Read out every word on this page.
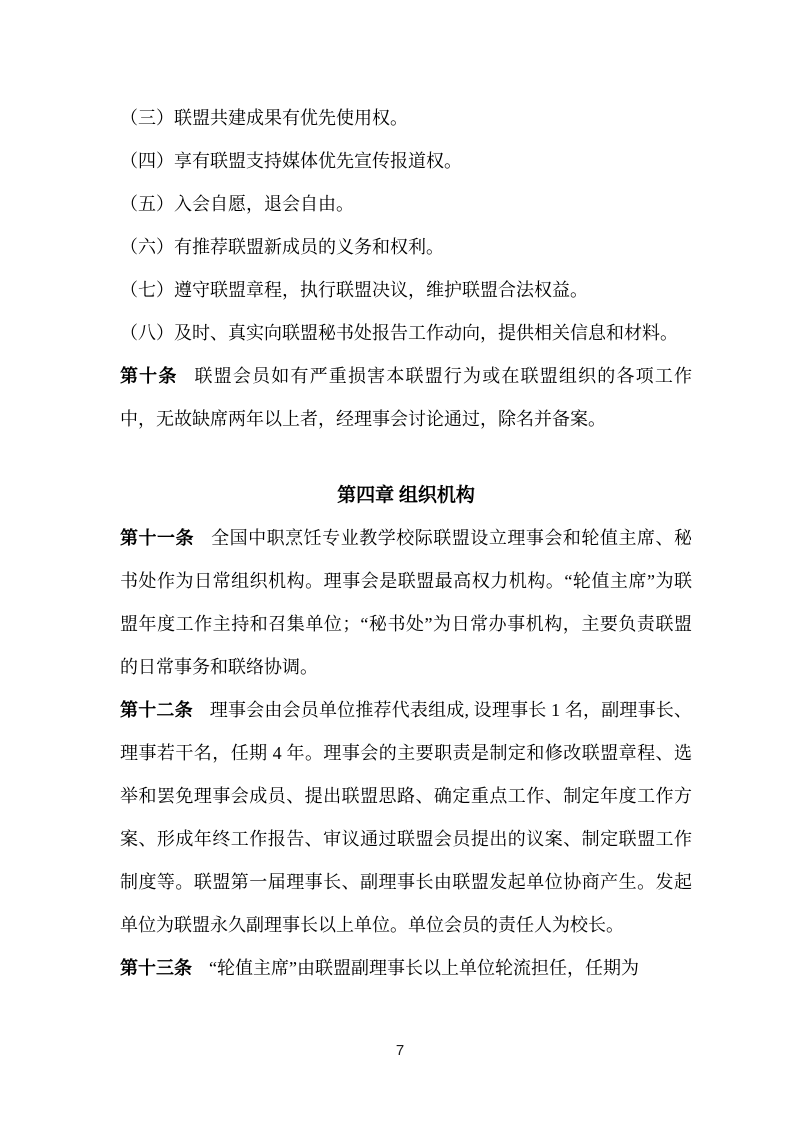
（三）联盟共建成果有优先使用权。

（四）享有联盟支持媒体优先宣传报道权。

（五）入会自愿，退会自由。

（六）有推荐联盟新成员的义务和权利。

（七）遵守联盟章程，执行联盟决议，维护联盟合法权益。

（八）及时、真实向联盟秘书处报告工作动向，提供相关信息和材料。

第十条 联盟会员如有严重损害本联盟行为或在联盟组织的各项工作中，无故缺席两年以上者，经理事会讨论通过，除名并备案。

第四章 组织机构

第十一条 全国中职烹饪专业教学校际联盟设立理事会和轮值主席、秘书处作为日常组织机构。理事会是联盟最高权力机构。“轮值主席”为联盟年度工作主持和召集单位；“秘书处”为日常办事机构，主要负责联盟的日常事务和联络协调。

第十二条 理事会由会员单位推荐代表组成, 设理事长 1 名，副理事长、理事若干名，任期 4 年。理事会的主要职责是制定和修改联盟章程、选举和罢免理事会成员、提出联盟思路、确定重点工作、制定年度工作方案、形成年终工作报告、审议通过联盟会员提出的议案、制定联盟工作制度等。联盟第一届理事长、副理事长由联盟发起单位协商产生。发起单位为联盟永久副理事长以上单位。单位会员的责任人为校长。

第十三条 “轮值主席”由联盟副理事长以上单位轮流担任，任期为

7
